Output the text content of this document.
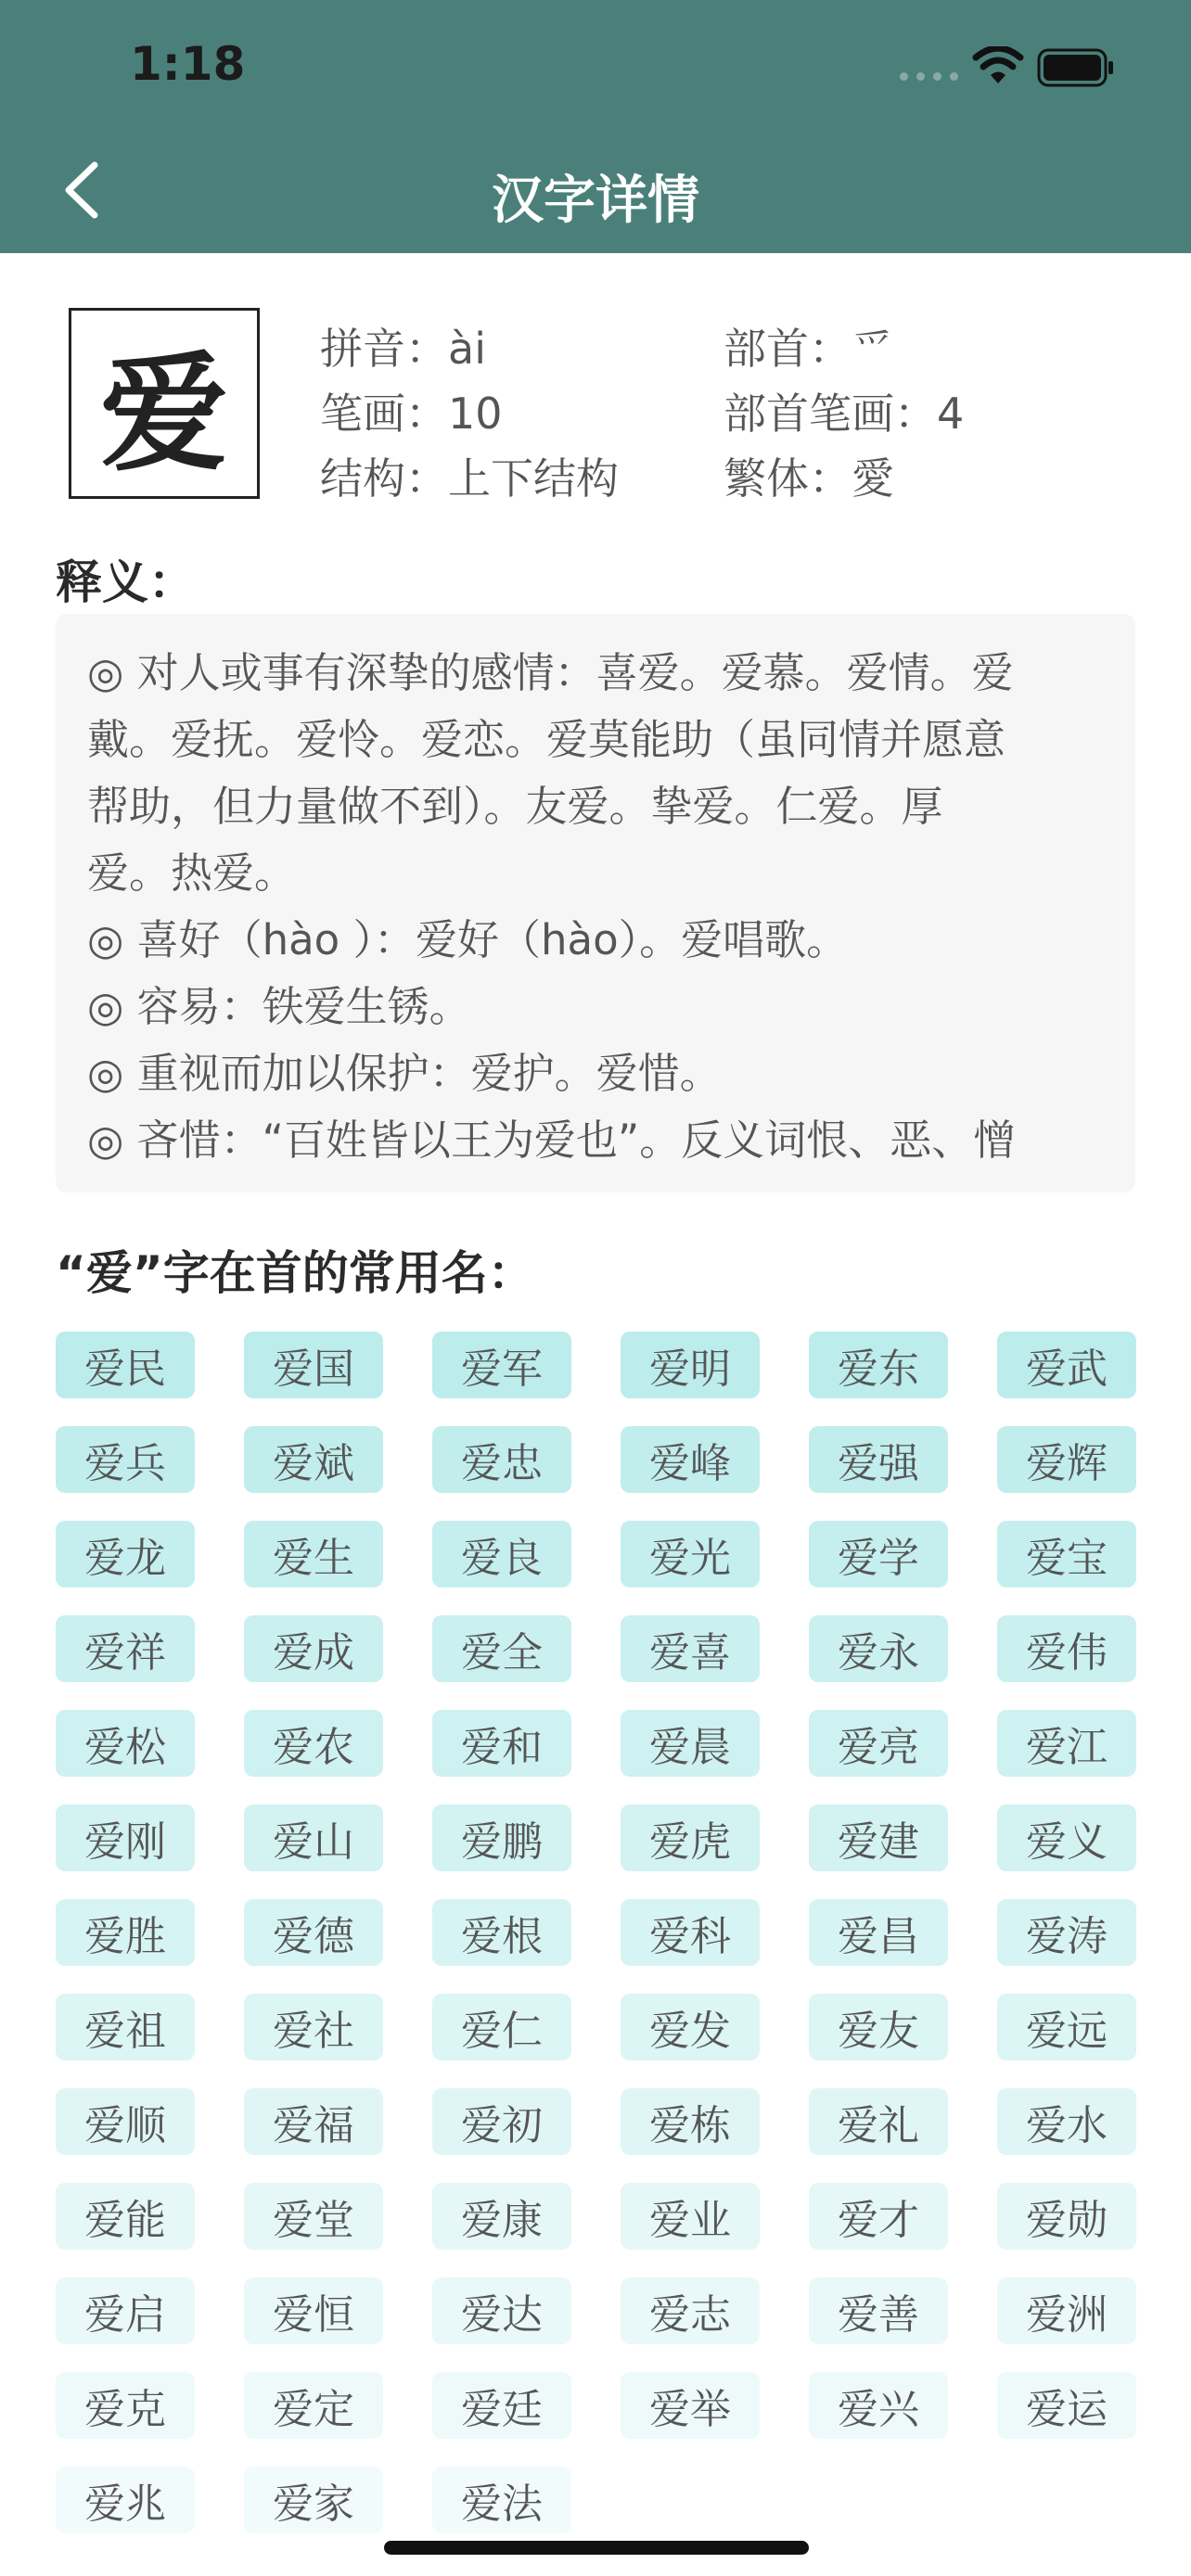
1:18
汉字详情
爱	拼音：ài	部首：爫
笔画：10	部首笔画：4
结构：上下结构 繁体：愛
释义：
◎ 对人或事有深挚的感情：喜爱。爱慕。爱情。爱
戴。爱抚。爱怜。爱恋。爱莫能助（虽同情并愿意
帮助，但力量做不到）。友爱。挚爱。仁爱。厚
爱。热爱。
◎ 喜好（hào ）：爱好（hào）。爱唱歌。
◎ 容易：铁爱生锈。
◎ 重视而加以保护：爱护。爱惜。
◎ 吝惜：“百姓皆以王为爱也”。反义词恨、恶、憎
“爱”字在首的常用名：
爱民	爱国	爱军	爱明	爱东	爱武
爱兵	爱斌	爱忠	爱峰	爱强	爱辉
爱龙	爱生	爱良	爱光	爱学	爱宝
爱祥	爱成	爱全	爱喜	爱永	爱伟
爱松	爱农	爱和	爱晨	爱亮	爱江
爱刚	爱山	爱鹏	爱虎	爱建	爱义
爱胜	爱德	爱根	爱科	爱昌	爱涛
爱祖	爱社	爱仁	爱发	爱友	爱远
爱顺	爱福	爱初	爱栋	爱礼	爱水
爱能	爱堂	爱康	爱业	爱才	爱勋
爱启	爱恒	爱达	爱志	爱善	爱洲
爱克	爱定	爱廷	爱举	爱兴	爱运
爱兆	爱家	爱法
